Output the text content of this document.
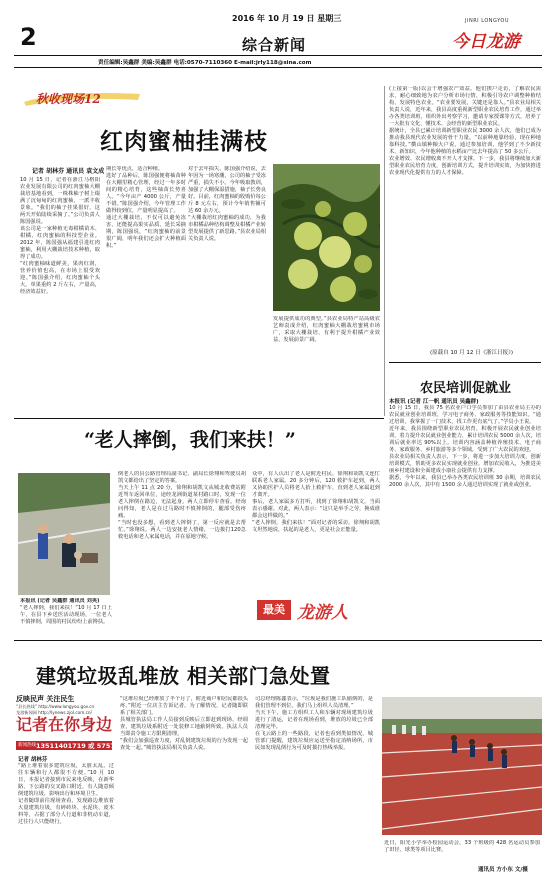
2016 年 10 月 19 日 星期三
2	综合新闻
JINRI LONGYOU
今日龙游
责任编辑:吴鑫群 美编:吴鑫群 电话:0570-7110360 E-mail:jrly118@sina.com
秋收现场12
红肉蜜柚挂满枝
记者 胡林芬 通讯员 袁文成
10 月 15 日，记者在浙江马格阳农业发展有限公司的红肉蜜柚大棚栽培基地看到，一株株柚子树上缀满了沉甸甸的红肉蜜柚，一派丰收景象。“我们的柚子挂果很好，这两天开始陆续采摘了。”公司负责人陈国强说。
该公司是一家种植无毒柑橘苗木、柑橘、红肉蜜柚的科技型企业。2012 年，陈国强从福建引进红肉蜜柚，利用大棚栽培技术种植，取得了成功。
“红肉蜜柚味道鲜美，果肉红润，营养价值也高，在市场上很受欢迎。”陈国强介绍，红肉蜜柚个头大，单果重约 2 斤左右，产量高，经济效益好。
期长等优点，适合种植。
选好了品种后，陈国强便将柚苗种在大棚里精心管理，经过一年多时间的精心培育，这些柚苗长势喜人。“今年亩产 4000 公斤，产量不错。”陈国强介绍，今年管理工作做得较到位，产量明显提高了。
通过大棚栽培，不仅可以避免冻害，还能提高果实品质，延长采摘期，陈国强说，“红肉蜜柚的前景很广阔，明年我们还会扩大种植面积。”
对于去年损失，陈国强介绍说，去年因为一场寒潮，公司的柚子受冻严重，损失不小。今年吸取教训，加强了大棚保温措施，柚子长势良好。目前，红肉蜜柚的收购价每公斤 8 元左右，预计今年销售额可达 60 余万元。
“大棚栽培红肉蜜柚的成功，为我市柑橘品种结构调整及柑橘产业转型发展提供了新思路。”县农业局相关负责人说。
发展提供成功的典型。”县农业局特产站高级农艺师袁成介绍，红肉蜜柚大棚栽培蜜桃市场广，采取大棚栽培，有利于提升柑橘产业效益，发展前景广阔。
(上接第一版)以会干增强农产效益。他们挨户走访，了解农民需求，耐心细致地为农户分析市场行情，积极引导农户调整种植结构，发展特色农业。“农业要发展，关键还是靠人。”县农业局相关负责人说，近年来，我县高度重视新型职业农民培育工作，通过举办各类培训班，组织外出考察学习，邀请专家授课等方式，培养了一大批有文化、懂技术、会经营的新型职业农民。
据统计，全县已累计培训新型职业农民 3000 余人次，他们已成为推动我县现代农业发展的骨干力量。“以前种地靠经验，现在种地靠科技。”横山镇种粮大户说，通过参加培训，他学到了不少新技术、新知识，今年他种植的水稻亩产比去年提高了 50 多公斤。
农业增效、农民增收离不开人才支撑。下一步，我县将继续加大新型职业农民培育力度，创新培训方式，提升培训实效，为加快推进农业现代化提供有力的人才保障。
(原载自 10 月 12 日《浙江日报》)
农民培训促就业
本报讯 (记者 江一帆 通讯员 吴鑫群)
10 月 15 日，我县 75 名农业户口学员参加了由县农业局主办的农民就业创业培训班，学习电子商务、家政服务等技能知识。“通过培训，我掌握了一门技术，找工作更有底气了。”学员小王说。
近年来，我县围绕新型职业农民培育，积极开展农民就业创业培训，着力提升农民就业创业能力，累计培训农民 5000 余人次，培训后就业率达 90%以上。培训内容涵盖种植养殖技术、电子商务、家政服务、乡村旅游等多个领域，受到了广大农民的欢迎。
县农业局相关负责人表示，下一步，将进一步加大培训力度，创新培训模式，帮助更多农民实现就业创业，增加农民收入，为推进美丽乡村建设和全面建成小康社会提供有力支撑。
据悉，今年以来，我县已举办各类农民培训班 30 余期，培训农民 2000 余人次，其中有 1500 余人通过培训实现了就业或创业。
“老人摔倒，我们来扶！”
本报讯 (记者 吴鑫群 通讯员 刘英)
“老人摔倒，我们来扶！”10 月 17 日上午，在县下乡送医活动现场，一位老人不慎摔倒，周围的村民纷纷上前搀扶。
倒老人的县公路管理局副书记、副局长徐翔和驾驶员胡凯文都给出了坚定的答案。
当天上午 11 点 20 分，徐翔和胡凯文从城北收费站附近驾车返回单位，途经龙洲街道某村路口时，发现一位老人摔倒在路边，无法起身。两人立即停车查看。经询问得知，老人是在过马路时不慎摔倒的，腿部受伤疼痛。
“当时也没多想，看到老人摔倒了，第一反应就是去帮忙。”徐翔说。两人一边安抚老人情绪，一边拨打120急救电话和老人家属电话，并在原地守候。
众中，有人认出了老人是附近村民，徐翔和胡凯文连忙联系老人家属。20 多分钟后，120 救护车赶到，两人又协助医护人员将老人抬上救护车，直到老人家属赶到才离开。
事后，老人家属多方打听，找到了徐翔和胡凯文，当面表示感谢。对此，两人表示：“这只是举手之劳，换成谁都会这样做的。”
“老人摔倒，我们来扶！”面对记者的采访，徐翔和胡凯文坦然地说，扶起的是老人，更是社会正能量。
最美 龙游人
建筑垃圾乱堆放 相关部门急处置
反映民声 关注民生
“县长热线” http://www.longyou.gov.cn
龙游新闻网 http://lynews.zjol.com.cn/
记者在你身边
新闻热线 13511401719 或 575719
记者 胡林芬
“路上堆着很多建筑垃圾，太脏太乱，过往车辆和行人都很不方便。”10 月 10 日，本报记者接到市民来电反映，在新华路、下公路的交叉路口附近，有人随意倾倒建筑垃圾，影响出行和环境卫生。
记者随即前往现场查看，发现路边堆放着大量建筑垃圾，有碎砖块、水泥块、废木料等，占据了部分人行道和非机动车道，过往行人只能绕行。
“这堆垃圾已经堆放了半个月了，附近商户和居民都很头疼。”附近一位店主告诉记者。为了解情况，记者随即联系了相关部门。
县城管执法局工作人员接到反映后立即赶到现场，经调查，建筑垃圾系附近一处装修工地偷倒所致。执法人员当即责令施工方限期清理。
“我们会加强巡查力度，对乱倒建筑垃圾的行为发现一起查处一起。”城管执法局相关负责人说。
司总经理陈鑫表示，“垃圾是我们施工队偷倒的，是我们管理不到位，我们马上组织人员清理。”
当天下午，施工方组织工人和车辆对现场建筑垃圾进行了清运，记者在现场看到，堆放的垃圾已全部清理完毕。
在飞云路上的一些路段，记者也看到类似情况。城管部门提醒，建筑垃圾应运送至指定消纳场所，市民如发现乱倒行为可及时拨打热线举报。
近日，阳光小学举办校园运动会，33 个班级的 428 名运动员参加了田径、球类等项目比赛。
通讯员 方小东 文/摄
